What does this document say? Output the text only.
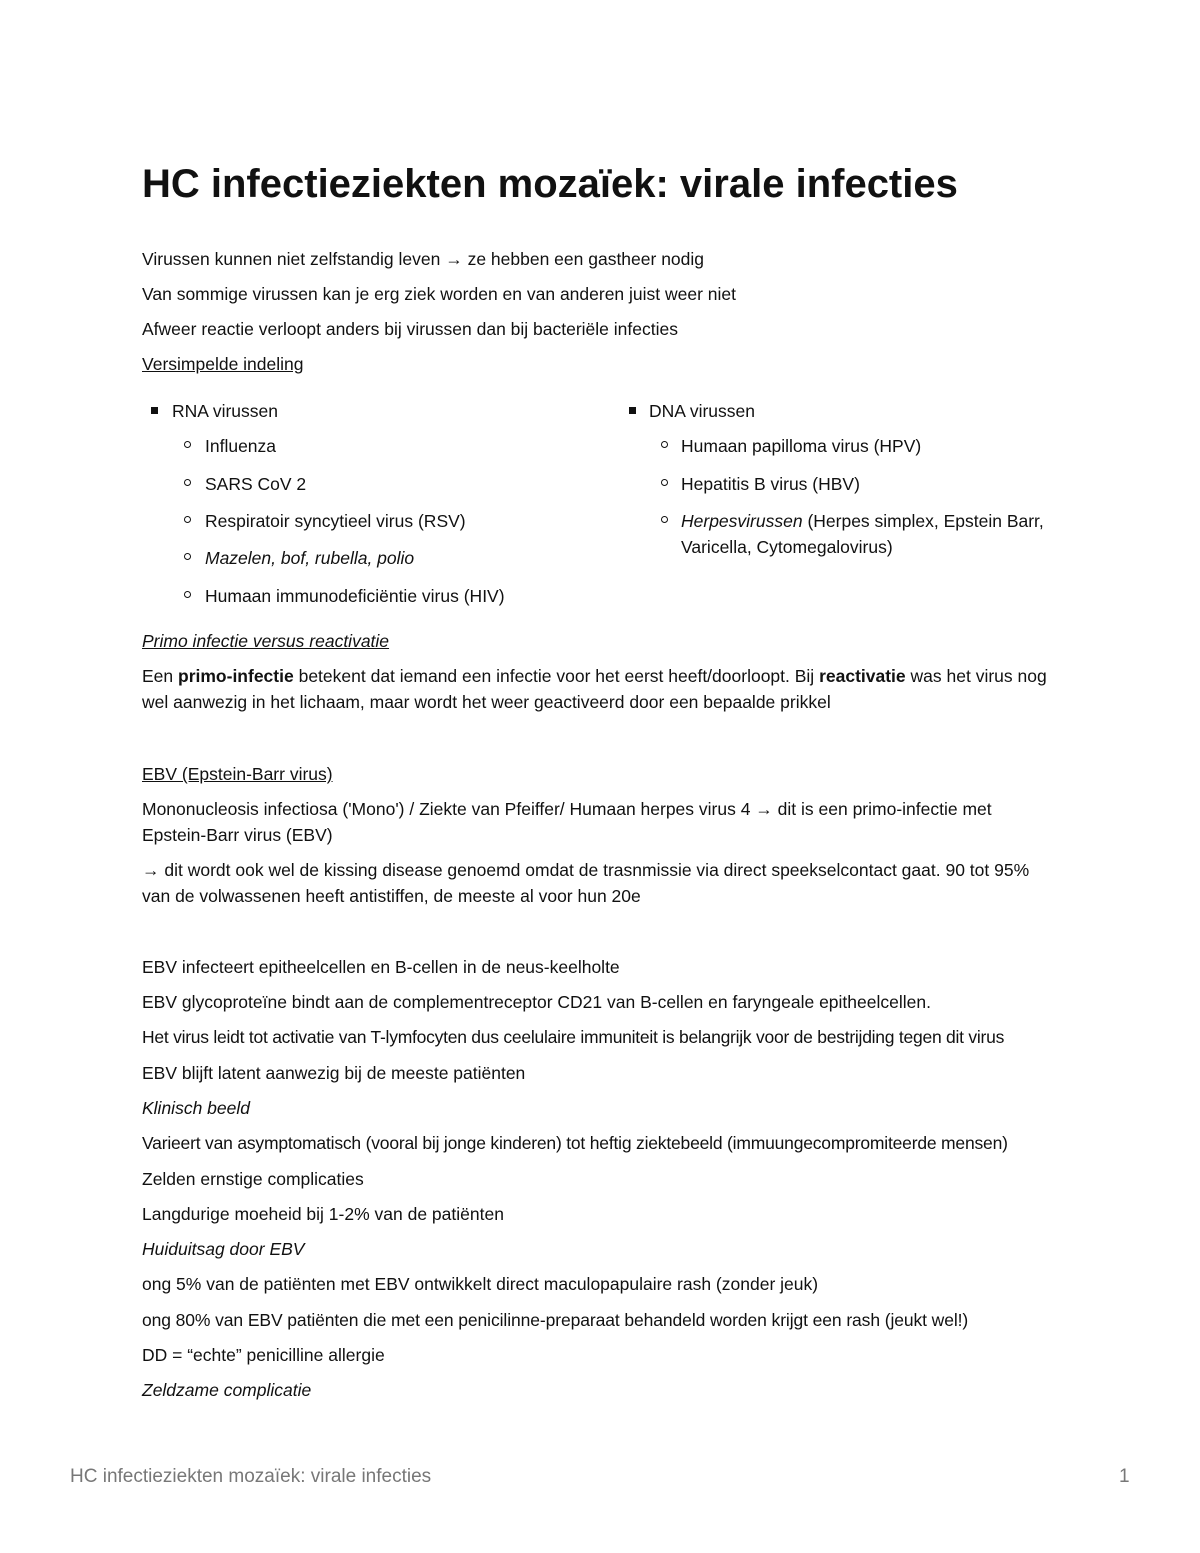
HC infectieziekten mozaïek: virale infecties

Virussen kunnen niet zelfstandig leven → ze hebben een gastheer nodig

Van sommige virussen kan je erg ziek worden en van anderen juist weer niet

Afweer reactie verloopt anders bij virussen dan bij bacteriële infecties

Versimpelde indeling

RNA virussen

Influenza

SARS CoV 2

Respiratoir syncytieel virus (RSV)

Mazelen, bof, rubella, polio

Humaan immunodeficiëntie virus (HIV)

DNA virussen

Humaan papilloma virus (HPV)

Hepatitis B virus (HBV)

Herpesvirussen (Herpes simplex, Epstein Barr, Varicella, Cytomegalovirus)

Primo infectie versus reactivatie

Een primo-infectie betekent dat iemand een infectie voor het eerst heeft/doorloopt. Bij reactivatie was het virus nog wel aanwezig in het lichaam, maar wordt het weer geactiveerd door een bepaalde prikkel

EBV (Epstein-Barr virus)

Mononucleosis infectiosa ('Mono') / Ziekte van Pfeiffer/ Humaan herpes virus 4 → dit is een primo-infectie met Epstein-Barr virus (EBV)

→ dit wordt ook wel de kissing disease genoemd omdat de trasnmissie via direct speekselcontact gaat. 90 tot 95% van de volwassenen heeft antistiffen, de meeste al voor hun 20e

EBV infecteert epitheelcellen en B-cellen in de neus-keelholte

EBV glycoproteïne bindt aan de complementreceptor CD21 van B-cellen en faryngeale epitheelcellen.

Het virus leidt tot activatie van T-lymfocyten dus ceelulaire immuniteit is belangrijk voor de bestrijding tegen dit virus

EBV blijft latent aanwezig bij de meeste patiënten

Klinisch beeld

Varieert van asymptomatisch (vooral bij jonge kinderen) tot heftig ziektebeeld (immuungecompromiteerde mensen)

Zelden ernstige complicaties

Langdurige moeheid bij 1-2% van de patiënten

Huiduitsag door EBV

ong 5% van de patiënten met EBV ontwikkelt direct maculopapulaire rash (zonder jeuk)

ong 80% van EBV patiënten die met een penicilinne-preparaat behandeld worden krijgt een rash (jeukt wel!)

DD = “echte” penicilline allergie

Zeldzame complicatie

HC infectieziekten mozaïek: virale infecties	1
